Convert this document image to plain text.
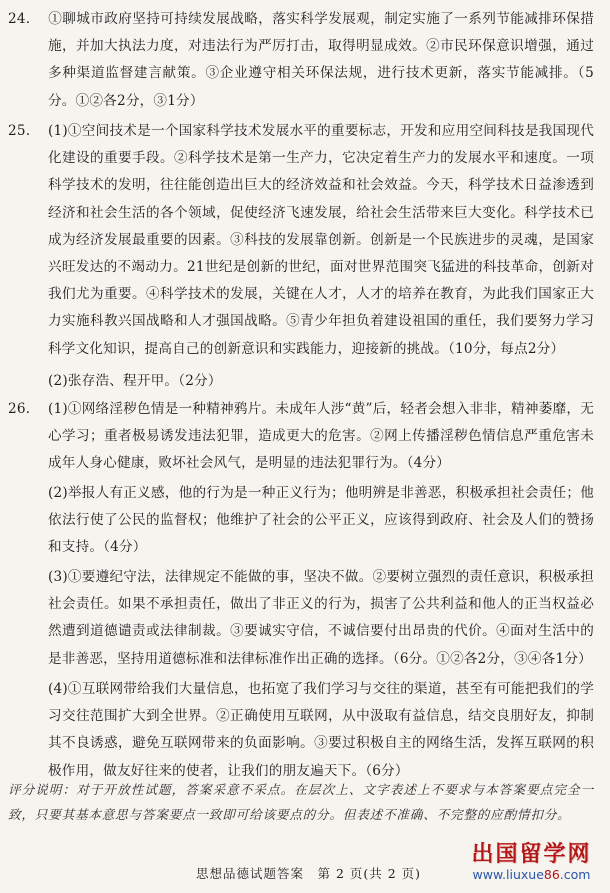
24. ①聊城市政府坚持可持续发展战略，落实科学发展观，制定实施了一系列节能减排环保措施，并加大执法力度，对违法行为严厉打击，取得明显成效。②市民环保意识增强，通过多种渠道监督建言献策。③企业遵守相关环保法规，进行技术更新，落实节能减排。（5分。①②各2分，③1分）

25. (1)①空间技术是一个国家科学技术发展水平的重要标志，开发和应用空间科技是我国现代化建设的重要手段。②科学技术是第一生产力，它决定着生产力的发展水平和速度。一项科学技术的发明，往往能创造出巨大的经济效益和社会效益。今天，科学技术日益渗透到经济和社会生活的各个领域，促使经济飞速发展，给社会生活带来巨大变化。科学技术已成为经济发展最重要的因素。③科技的发展靠创新。创新是一个民族进步的灵魂，是国家兴旺发达的不竭动力。21世纪是创新的世纪，面对世界范围突飞猛进的科技革命，创新对我们尤为重要。④科学技术的发展，关键在人才，人才的培养在教育，为此我们国家正大力实施科教兴国战略和人才强国战略。⑤青少年担负着建设祖国的重任，我们要努力学习科学文化知识，提高自己的创新意识和实践能力，迎接新的挑战。（10分，每点2分）

(2)张存浩、程开甲。（2分）

26. (1)①网络淫秽色情是一种精神鸦片。未成年人涉“黄”后，轻者会想入非非，精神萎靡，无心学习；重者极易诱发违法犯罪，造成更大的危害。②网上传播淫秽色情信息严重危害未成年人身心健康，败坏社会风气，是明显的违法犯罪行为。（4分）

(2)举报人有正义感，他的行为是一种正义行为；他明辨是非善恶，积极承担社会责任；他依法行使了公民的监督权；他维护了社会的公平正义，应该得到政府、社会及人们的赞扬和支持。（4分）

(3)①要遵纪守法，法律规定不能做的事，坚决不做。②要树立强烈的责任意识，积极承担社会责任。如果不承担责任，做出了非正义的行为，损害了公共利益和他人的正当权益必然遭到道德谴责或法律制裁。③要诚实守信，不诚信要付出昂贵的代价。④面对生活中的是非善恶，坚持用道德标准和法律标准作出正确的选择。（6分。①②各2分，③④各1分）

(4)①互联网带给我们大量信息，也拓宽了我们学习与交往的渠道，甚至有可能把我们的学习交往范围扩大到全世界。②正确使用互联网，从中汲取有益信息，结交良朋好友，抑制其不良诱惑，避免互联网带来的负面影响。③要过积极自主的网络生活，发挥互联网的积极作用，做友好往来的使者，让我们的朋友遍天下。（6分）

评分说明：对于开放性试题，答案采意不采点。在层次上、文字表述上不要求与本答案要点完全一致，只要其基本意思与答案要点一致即可给该要点的分。但表述不准确、不完整的应酌情扣分。

思想品德试题答案　第 2 页(共 2 页)
出国留学网
www.liuxue86.com
